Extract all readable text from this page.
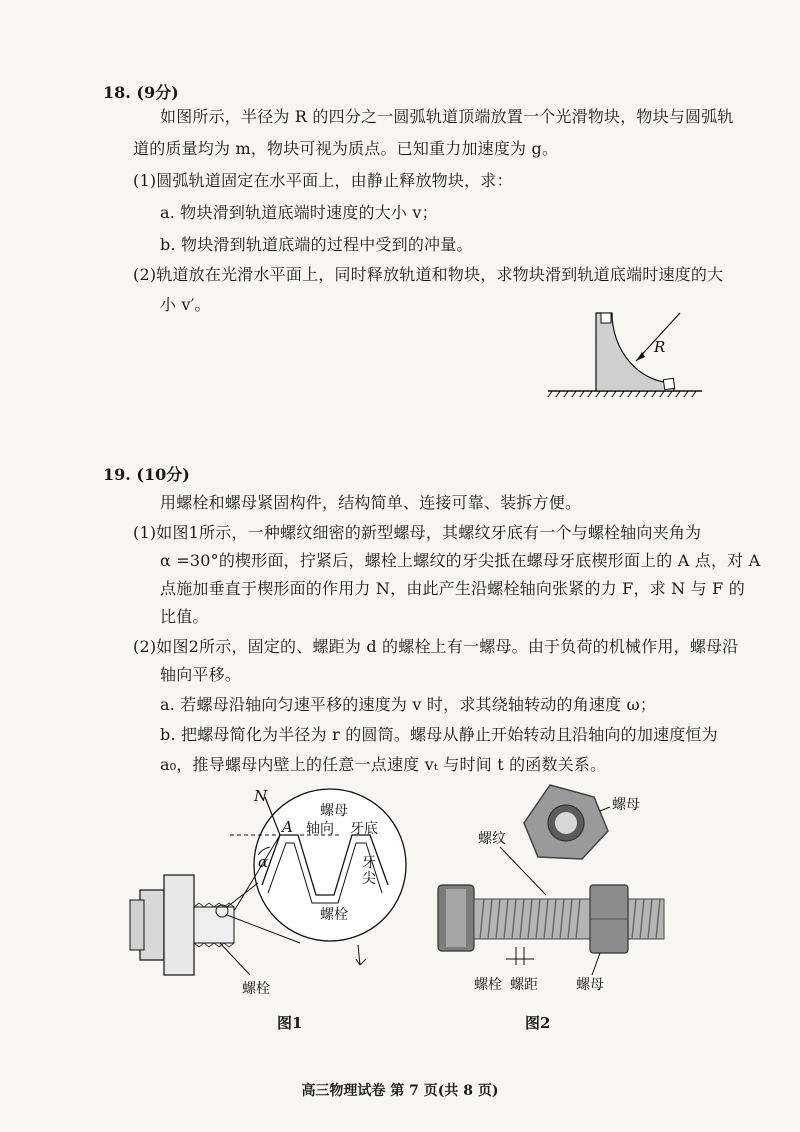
18. (9分)
如图所示，半径为 R 的四分之一圆弧轨道顶端放置一个光滑物块，物块与圆弧轨
道的质量均为 m，物块可视为质点。已知重力加速度为 g。
(1)圆弧轨道固定在水平面上，由静止释放物块，求：
a. 物块滑到轨道底端时速度的大小 v；
b. 物块滑到轨道底端的过程中受到的冲量。
(2)轨道放在光滑水平面上，同时释放轨道和物块，求物块滑到轨道底端时速度的大
小 v′。
R
19. (10分)
用螺栓和螺母紧固构件，结构简单、连接可靠、装拆方便。
(1)如图1所示，一种螺纹细密的新型螺母，其螺纹牙底有一个与螺栓轴向夹角为
α =30°的楔形面，拧紧后，螺栓上螺纹的牙尖抵在螺母牙底楔形面上的 A 点，对 A
点施加垂直于楔形面的作用力 N，由此产生沿螺栓轴向张紧的力 F，求 N 与 F 的
比值。
(2)如图2所示，固定的、螺距为 d 的螺栓上有一螺母。由于负荷的机械作用，螺母沿
轴向平移。
a. 若螺母沿轴向匀速平移的速度为 v 时，求其绕轴转动的角速度 ω；
b. 把螺母简化为半径为 r 的圆筒。螺母从静止开始转动且沿轴向的加速度恒为
a₀，推导螺母内壁上的任意一点速度 vₜ 与时间 t 的函数关系。
N
螺母
A 轴向 牙底
α	牙
尖
螺栓
螺栓
图1
螺母
螺纹
螺栓 螺距	螺母
图2
高三物理试卷 第 7 页(共 8 页)
